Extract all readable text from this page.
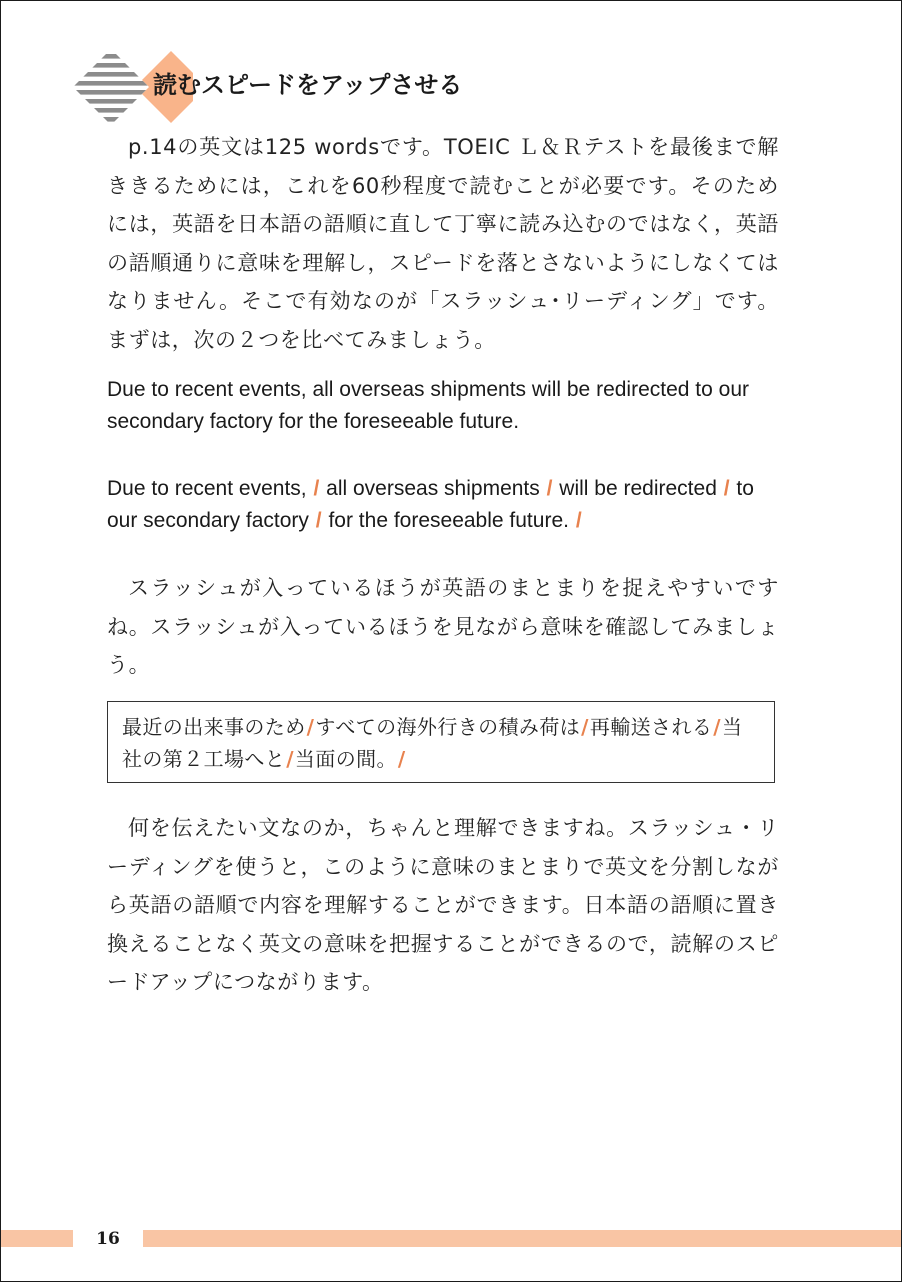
読むスピードをアップさせる

p.14の英文は125 wordsです。TOEIC Ｌ＆Ｒテストを最後まで解ききるためには，これを60秒程度で読むことが必要です。そのためには，英語を日本語の語順に直して丁寧に読み込むのではなく，英語の語順通りに意味を理解し，スピードを落とさないようにしなくてはなりません。そこで有効なのが「スラッシュ･リーディング」です。まずは，次の２つを比べてみましょう。

Due to recent events, all overseas shipments will be redirected to our secondary factory for the foreseeable future.

Due to recent events, / all overseas shipments / will be redirected / to our secondary factory / for the foreseeable future. /

スラッシュが入っているほうが英語のまとまりを捉えやすいですね。スラッシュが入っているほうを見ながら意味を確認してみましょう。

最近の出来事のため/すべての海外行きの積み荷は/再輸送される/当社の第２工場へと/当面の間。/

何を伝えたい文なのか，ちゃんと理解できますね。スラッシュ・リーディングを使うと，このように意味のまとまりで英文を分割しながら英語の語順で内容を理解することができます。日本語の語順に置き換えることなく英文の意味を把握することができるので，読解のスピードアップにつながります。

16
